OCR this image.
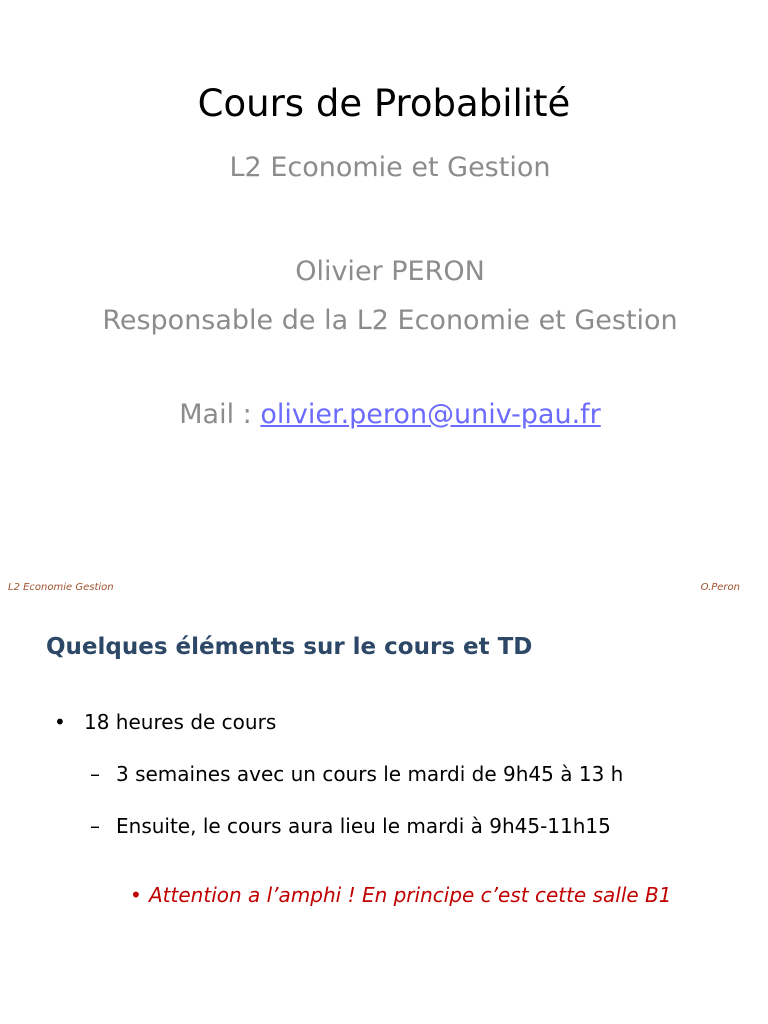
Cours de Probabilité
L2 Economie et Gestion
Olivier PERON
Responsable de la L2 Economie et Gestion
Mail : olivier.peron@univ-pau.fr
L2 Economie Gestion	O.Peron
Quelques éléments sur le cours et TD
• 18 heures de cours
– 3 semaines avec un cours le mardi de 9h45 à 13 h
– Ensuite, le cours aura lieu le mardi à 9h45-11h15
• Attention a l’amphi ! En principe c’est cette salle B1
